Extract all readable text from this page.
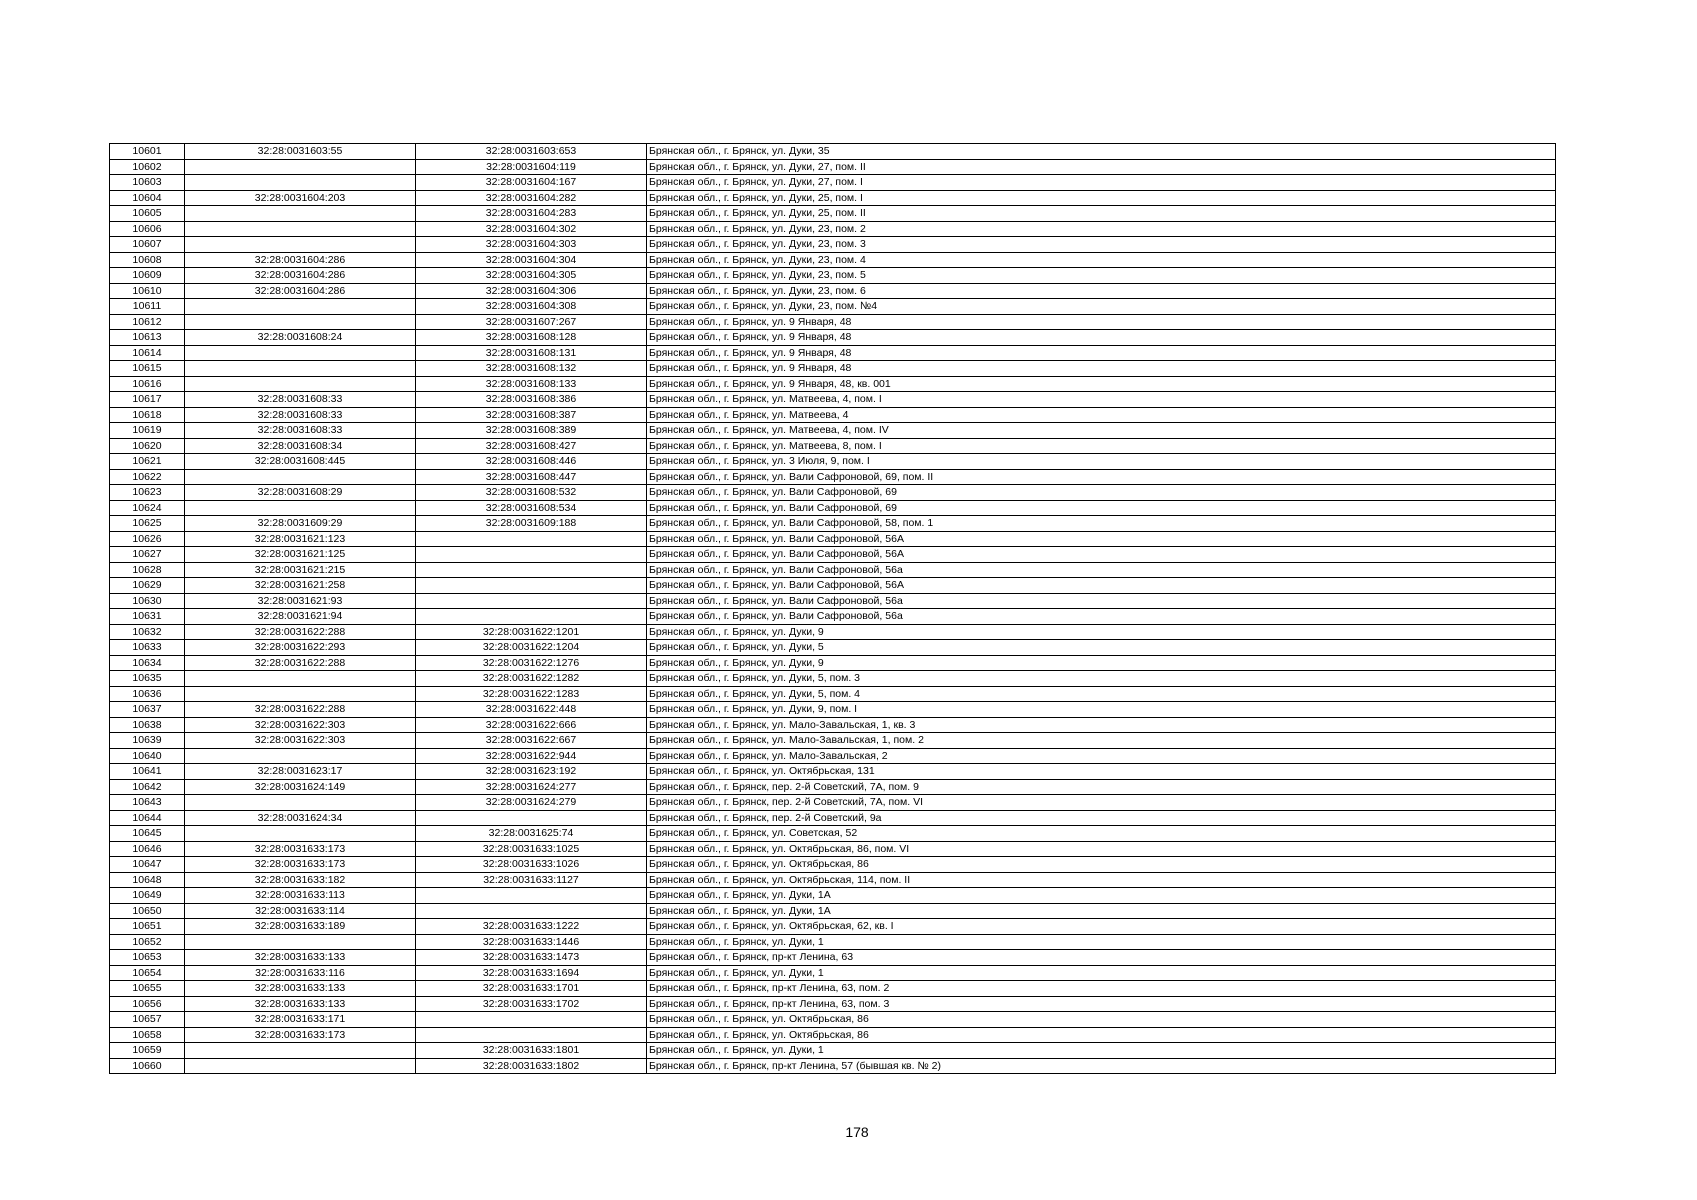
10601	32:28:0031603:55	32:28:0031603:653	Брянская обл., г. Брянск, ул. Дуки, 35
10602		32:28:0031604:119	Брянская обл., г. Брянск, ул. Дуки, 27, пом. II
10603		32:28:0031604:167	Брянская обл., г. Брянск, ул. Дуки, 27, пом. I
10604	32:28:0031604:203	32:28:0031604:282	Брянская обл., г. Брянск, ул. Дуки, 25, пом. I
10605		32:28:0031604:283	Брянская обл., г. Брянск, ул. Дуки, 25, пом. II
10606		32:28:0031604:302	Брянская обл., г. Брянск, ул. Дуки, 23, пом. 2
10607		32:28:0031604:303	Брянская обл., г. Брянск, ул. Дуки, 23, пом. 3
10608	32:28:0031604:286	32:28:0031604:304	Брянская обл., г. Брянск, ул. Дуки, 23, пом. 4
10609	32:28:0031604:286	32:28:0031604:305	Брянская обл., г. Брянск, ул. Дуки, 23, пом. 5
10610	32:28:0031604:286	32:28:0031604:306	Брянская обл., г. Брянск, ул. Дуки, 23, пом. 6
10611		32:28:0031604:308	Брянская обл., г. Брянск, ул. Дуки, 23, пом. №4
10612		32:28:0031607:267	Брянская обл., г. Брянск, ул. 9 Января, 48
10613	32:28:0031608:24	32:28:0031608:128	Брянская обл., г. Брянск, ул. 9 Января, 48
10614		32:28:0031608:131	Брянская обл., г. Брянск, ул. 9 Января, 48
10615		32:28:0031608:132	Брянская обл., г. Брянск, ул. 9 Января, 48
10616		32:28:0031608:133	Брянская обл., г. Брянск, ул. 9 Января, 48, кв. 001
10617	32:28:0031608:33	32:28:0031608:386	Брянская обл., г. Брянск, ул. Матвеева, 4, пом. I
10618	32:28:0031608:33	32:28:0031608:387	Брянская обл., г. Брянск, ул. Матвеева, 4
10619	32:28:0031608:33	32:28:0031608:389	Брянская обл., г. Брянск, ул. Матвеева, 4, пом. IV
10620	32:28:0031608:34	32:28:0031608:427	Брянская обл., г. Брянск, ул. Матвеева, 8, пом. I
10621	32:28:0031608:445	32:28:0031608:446	Брянская обл., г. Брянск, ул. 3 Июля, 9, пом. I
10622		32:28:0031608:447	Брянская обл., г. Брянск, ул. Вали Сафроновой, 69, пом. II
10623	32:28:0031608:29	32:28:0031608:532	Брянская обл., г. Брянск, ул. Вали Сафроновой, 69
10624		32:28:0031608:534	Брянская обл., г. Брянск, ул. Вали Сафроновой, 69
10625	32:28:0031609:29	32:28:0031609:188	Брянская обл., г. Брянск, ул. Вали Сафроновой, 58, пом. 1
10626	32:28:0031621:123		Брянская обл., г. Брянск, ул. Вали Сафроновой, 56А
10627	32:28:0031621:125		Брянская обл., г. Брянск, ул. Вали Сафроновой, 56А
10628	32:28:0031621:215		Брянская обл., г. Брянск, ул. Вали Сафроновой, 56а
10629	32:28:0031621:258		Брянская обл., г. Брянск, ул. Вали Сафроновой, 56А
10630	32:28:0031621:93		Брянская обл., г. Брянск, ул. Вали Сафроновой, 56а
10631	32:28:0031621:94		Брянская обл., г. Брянск, ул. Вали Сафроновой, 56а
10632	32:28:0031622:288	32:28:0031622:1201	Брянская обл., г. Брянск, ул. Дуки, 9
10633	32:28:0031622:293	32:28:0031622:1204	Брянская обл., г. Брянск, ул. Дуки, 5
10634	32:28:0031622:288	32:28:0031622:1276	Брянская обл., г. Брянск, ул. Дуки, 9
10635		32:28:0031622:1282	Брянская обл., г. Брянск, ул. Дуки, 5, пом. 3
10636		32:28:0031622:1283	Брянская обл., г. Брянск, ул. Дуки, 5, пом. 4
10637	32:28:0031622:288	32:28:0031622:448	Брянская обл., г. Брянск, ул. Дуки, 9, пом. I
10638	32:28:0031622:303	32:28:0031622:666	Брянская обл., г. Брянск, ул. Мало-Завальская, 1, кв. 3
10639	32:28:0031622:303	32:28:0031622:667	Брянская обл., г. Брянск, ул. Мало-Завальская, 1, пом. 2
10640		32:28:0031622:944	Брянская обл., г. Брянск, ул. Мало-Завальская, 2
10641	32:28:0031623:17	32:28:0031623:192	Брянская обл., г. Брянск, ул. Октябрьская, 131
10642	32:28:0031624:149	32:28:0031624:277	Брянская обл., г. Брянск, пер. 2-й Советский, 7А, пом. 9
10643		32:28:0031624:279	Брянская обл., г. Брянск, пер. 2-й Советский, 7А, пом. VI
10644	32:28:0031624:34		Брянская обл., г. Брянск, пер. 2-й Советский, 9а
10645		32:28:0031625:74	Брянская обл., г. Брянск, ул. Советская, 52
10646	32:28:0031633:173	32:28:0031633:1025	Брянская обл., г. Брянск, ул. Октябрьская, 86, пом. VI
10647	32:28:0031633:173	32:28:0031633:1026	Брянская обл., г. Брянск, ул. Октябрьская, 86
10648	32:28:0031633:182	32:28:0031633:1127	Брянская обл., г. Брянск, ул. Октябрьская, 114, пом. II
10649	32:28:0031633:113		Брянская обл., г. Брянск, ул. Дуки, 1А
10650	32:28:0031633:114		Брянская обл., г. Брянск, ул. Дуки, 1А
10651	32:28:0031633:189	32:28:0031633:1222	Брянская обл., г. Брянск, ул. Октябрьская, 62, кв. I
10652		32:28:0031633:1446	Брянская обл., г. Брянск, ул. Дуки, 1
10653	32:28:0031633:133	32:28:0031633:1473	Брянская обл., г. Брянск, пр-кт Ленина, 63
10654	32:28:0031633:116	32:28:0031633:1694	Брянская обл., г. Брянск, ул. Дуки, 1
10655	32:28:0031633:133	32:28:0031633:1701	Брянская обл., г. Брянск, пр-кт Ленина, 63, пом. 2
10656	32:28:0031633:133	32:28:0031633:1702	Брянская обл., г. Брянск, пр-кт Ленина, 63, пом. 3
10657	32:28:0031633:171		Брянская обл., г. Брянск, ул. Октябрьская, 86
10658	32:28:0031633:173		Брянская обл., г. Брянск, ул. Октябрьская, 86
10659		32:28:0031633:1801	Брянская обл., г. Брянск, ул. Дуки, 1
10660		32:28:0031633:1802	Брянская обл., г. Брянск, пр-кт Ленина, 57 (бывшая кв. № 2)
178
